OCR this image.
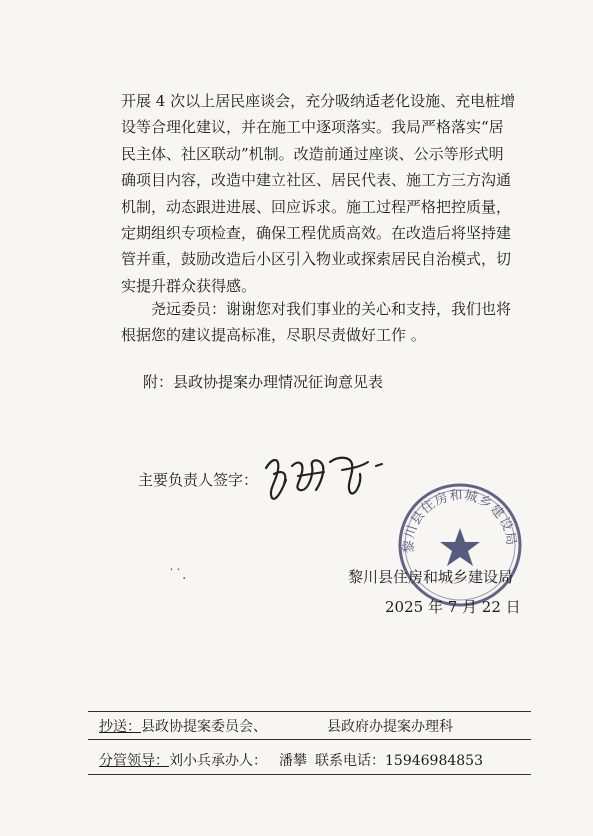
开展 4 次以上居民座谈会，充分吸纳适老化设施、充电桩增
设等合理化建议，并在施工中逐项落实。我局严格落实“居
民主体、社区联动”机制。改造前通过座谈、公示等形式明
确项目内容，改造中建立社区、居民代表、施工方三方沟通
机制，动态跟进进展、回应诉求。施工过程严格把控质量，
定期组织专项检查，确保工程优质高效。在改造后将坚持建
管并重，鼓励改造后小区引入物业或探索居民自治模式，切
实提升群众获得感。
尧远委员：谢谢您对我们事业的关心和支持，我们也将
根据您的建议提高标准，尽职尽责做好工作 。
附：县政协提案办理情况征询意见表
主要负责人签字：
黎川县住房和城乡建设局
˙˙.	黎川县住房和城乡建设局
2025 年 7 月 22 日
抄送：县政协提案委员会、	县政府办提案办理科
分管领导：刘小兵承办人： 潘攀 联系电话：15946984853
